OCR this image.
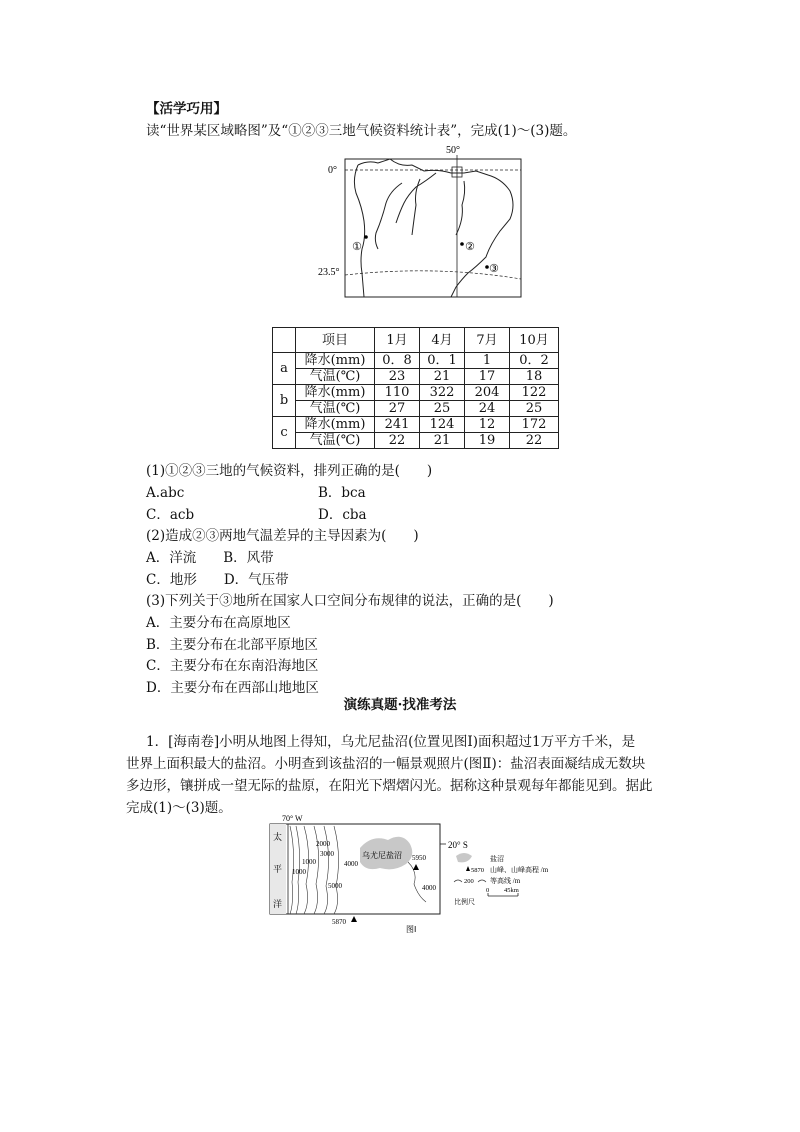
【活学巧用】
读“世界某区域略图”及“①②③三地气候资料统计表”，完成(1)～(3)题。
0°
23.5°
50°
①	②
③
	项目	1月	4月	7月	10月
a	降水(mm)	0．8	0．1	1	0．2
	气温(℃)	23	21	17	18
b	降水(mm)	110	322	204	122
	气温(℃)	27	25	24	25
c	降水(mm)	241	124	12	172
	气温(℃)	22	21	19	22
(1)①②③三地的气候资料，排列正确的是(　　)
A.abc	B．bca
C．acb	D．cba
(2)造成②③两地气温差异的主导因素为(　　)
A．洋流　　B．风带
C．地形　　D．气压带
(3)下列关于③地所在国家人口空间分布规律的说法，正确的是(　　)
A．主要分布在高原地区
B．主要分布在北部平原地区
C．主要分布在东南沿海地区
D．主要分布在西部山地地区
演练真题·找准考法
1．[海南卷]小明从地图上得知，乌尤尼盐沼(位置见图Ⅰ)面积超过1万平方千米，是
世界上面积最大的盐沼。小明查到该盐沼的一幅景观照片(图Ⅱ)：盐沼表面凝结成无数块
多边形，镶拼成一望无际的盐原，在阳光下熠熠闪光。据称这种景观每年都能见到。据此
完成(1)～(3)题。
70° W
太
平
洋
1000
1000
3000
4000
4000
2000
5000
乌尤尼盐沼 5950
5870
20° S
盐沼
5870 山峰、山峰高程 /m
200 等高线 /m
比例尺
0 45km
图Ⅰ
